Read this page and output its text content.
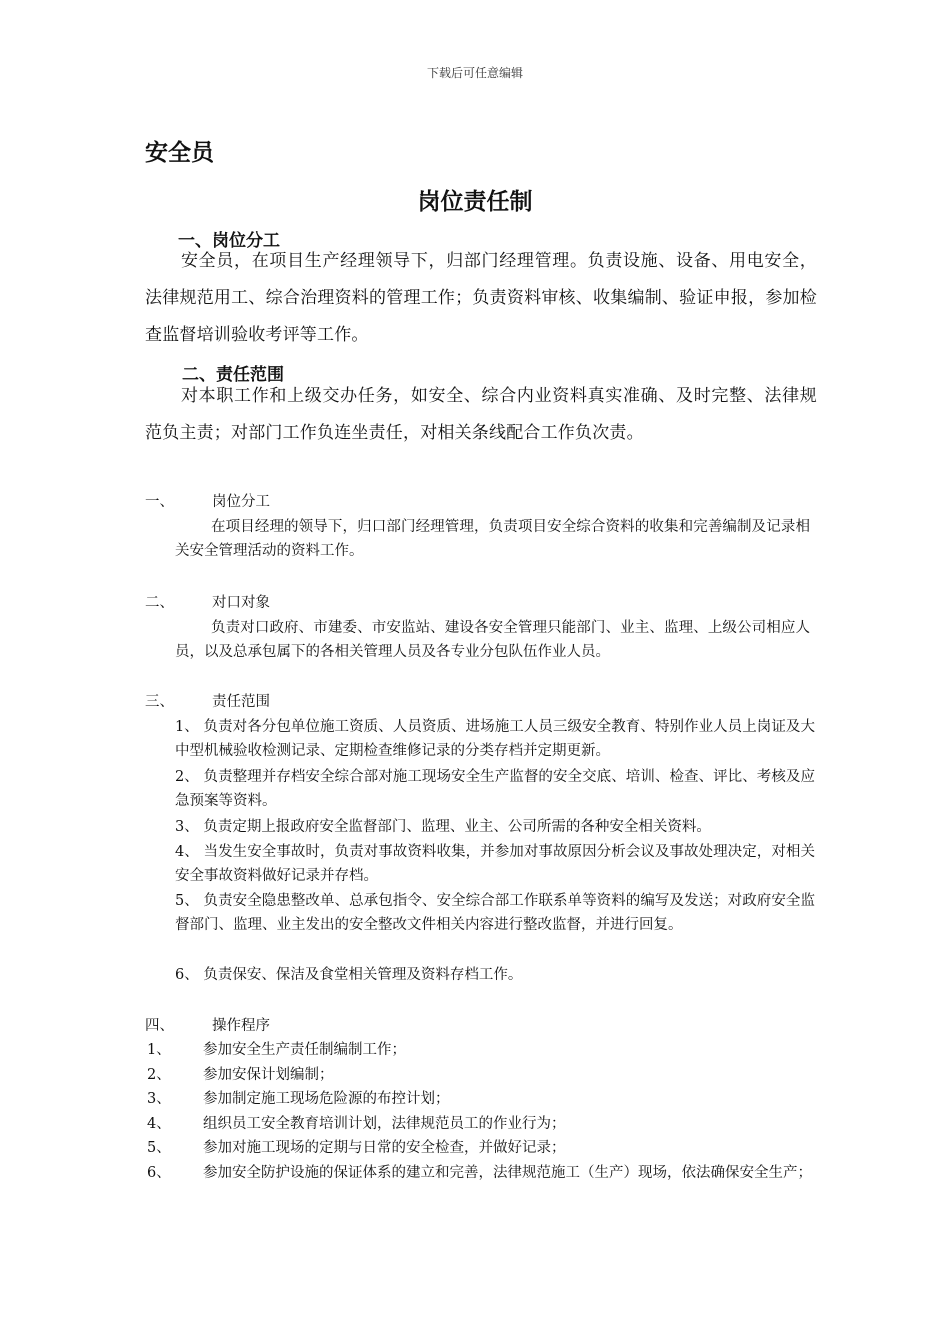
下载后可任意编辑
安全员
岗位责任制
一、岗位分工
安全员，在项目生产经理领导下，归部门经理管理。负责设施、设备、用电安全，法律规范用工、综合治理资料的管理工作；负责资料审核、收集编制、验证申报，参加检查监督培训验收考评等工作。
二、责任范围
对本职工作和上级交办任务，如安全、综合内业资料真实准确、及时完整、法律规范负主责；对部门工作负连坐责任，对相关条线配合工作负次责。
一、	岗位分工
在项目经理的领导下，归口部门经理管理，负责项目安全综合资料的收集和完善编制及记录相关安全管理活动的资料工作。
二、	对口对象
负责对口政府、市建委、市安监站、建设各安全管理只能部门、业主、监理、上级公司相应人员，以及总承包属下的各相关管理人员及各专业分包队伍作业人员。
三、	责任范围
1、 负责对各分包单位施工资质、人员资质、进场施工人员三级安全教育、特别作业人员上岗证及大中型机械验收检测记录、定期检查维修记录的分类存档并定期更新。
2、 负责整理并存档安全综合部对施工现场安全生产监督的安全交底、培训、检查、评比、考核及应急预案等资料。
3、 负责定期上报政府安全监督部门、监理、业主、公司所需的各种安全相关资料。
4、 当发生安全事故时，负责对事故资料收集，并参加对事故原因分析会议及事故处理决定，对相关安全事故资料做好记录并存档。
5、 负责安全隐患整改单、总承包指令、安全综合部工作联系单等资料的编写及发送；对政府安全监督部门、监理、业主发出的安全整改文件相关内容进行整改监督，并进行回复。
6、 负责保安、保洁及食堂相关管理及资料存档工作。
四、	操作程序
1、 参加安全生产责任制编制工作；
2、 参加安保计划编制；
3、 参加制定施工现场危险源的布控计划；
4、 组织员工安全教育培训计划，法律规范员工的作业行为；
5、 参加对施工现场的定期与日常的安全检查，并做好记录；
6、 参加安全防护设施的保证体系的建立和完善，法律规范施工（生产）现场，依法确保安全生产；
